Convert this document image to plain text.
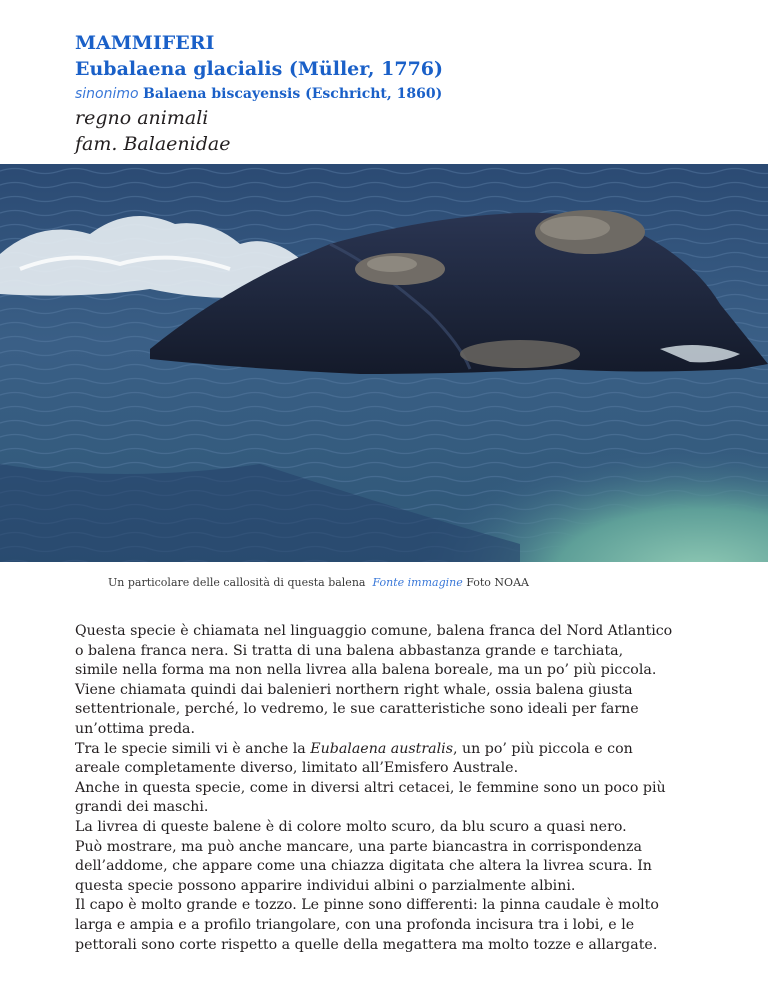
MAMMIFERI

Eubalaena glacialis (Müller, 1776)

sinonimo Balaena biscayensis (Eschricht, 1860)

regno animali

fam. Balaenidae

Un particolare delle callosità di questa balena Fonte immagine Foto NOAA

Questa specie è chiamata nel linguaggio comune, balena franca del Nord Atlantico

o balena franca nera. Si tratta di una balena abbastanza grande e tarchiata,

simile nella forma ma non nella livrea alla balena boreale, ma un po’ più piccola.

Viene chiamata quindi dai balenieri northern right whale, ossia balena giusta

settentrionale, perché, lo vedremo, le sue caratteristiche sono ideali per farne

un’ottima preda.

Tra le specie simili vi è anche la Eubalaena australis, un po’ più piccola e con

areale completamente diverso, limitato all’Emisfero Australe.

Anche in questa specie, come in diversi altri cetacei, le femmine sono un poco più

grandi dei maschi.

La livrea di queste balene è di colore molto scuro, da blu scuro a quasi nero.

Può mostrare, ma può anche mancare, una parte biancastra in corrispondenza

dell’addome, che appare come una chiazza digitata che altera la livrea scura. In

questa specie possono apparire individui albini o parzialmente albini.

Il capo è molto grande e tozzo. Le pinne sono differenti: la pinna caudale è molto

larga e ampia e a profilo triangolare, con una profonda incisura tra i lobi, e le

pettorali sono corte rispetto a quelle della megattera ma molto tozze e allargate.
